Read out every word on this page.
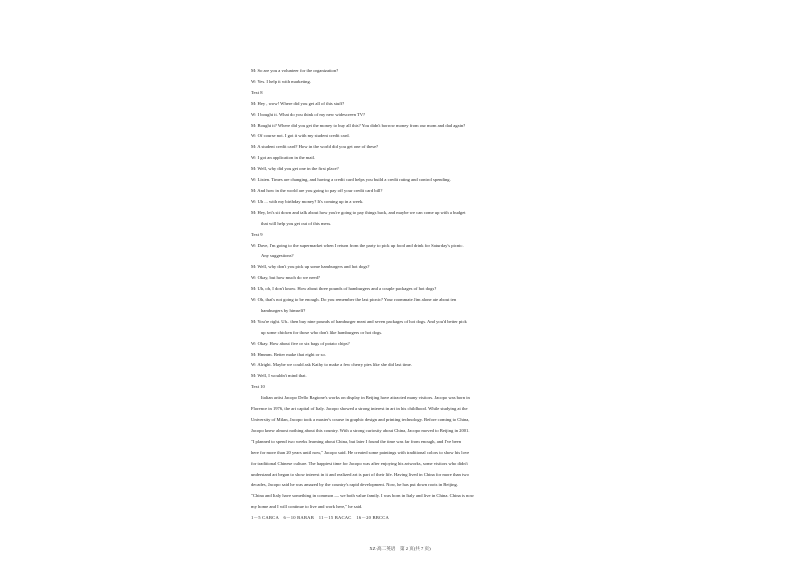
M: So are you a volunteer for the organization?
W: Yes. I help it with marketing.
Text 8
M: Hey , wow! Where did you get all of this stuff?
W: I bought it. What do you think of my new widescreen TV?
M: Bought it? Where did you get the money to buy all this? You didn't borrow money from our mom and dad again?
W: Of course not. I got it with my student credit card.
M: A student credit card? How in the world did you get one of these?
W: I got an application in the mail.
M: Well, why did you get one in the first place?
W: Listen. Times are changing, and having a credit card helps you build a credit rating and control spending.
M: And how in the world are you going to pay off your credit card bill?
W: Uh ... with my birthday money? It's coming up in a week.
M: Hey, let's sit down and talk about how you're going to pay things back, and maybe we can come up with a budget
that will help you get out of this mess.
Text 9
W: Dave, I'm going to the supermarket when I return from the party to pick up food and drink for Saturday's picnic.
Any suggestions?
M: Well, why don't you pick up some hamburgers and hot dogs?
W: Okay, but how much do we need?
M: Uh, oh, I don't know. How about three pounds of hamburgers and a couple packages of hot dogs?
W: Oh, that's not going to be enough. Do you remember the last picnic? Your roommate Jim alone ate about ten
hamburgers by himself?
M: You're right. Uh.. then buy nine pounds of hamburger meat and seven packages of hot dogs. And you'd better pick
up some chicken for those who don't like hamburgers or hot dogs.
W: Okay. How about five or six bags of potato chips?
M: Hmmm. Better make that eight or so.
W: Alright. Maybe we could ask Kathy to make a few cherry pies like she did last time.
M: Well, I wouldn't mind that.
Text 10
Italian artist Jacopo Dello Ragione's works on display in Beijing have attracted many visitors. Jacopo was born in
Florence in 1976, the art capital of Italy. Jacopo showed a strong interest in art in his childhood. While studying at the
University of Milan, Jacopo took a master's course in graphic design and printing technology. Before coming to China,
Jacopo knew almost nothing about this country. With a strong curiosity about China, Jacopo moved to Beijing in 2001.
"I planned to spend two weeks learning about China, but later I found the time was far from enough, and I've been
here for more than 20 years until now," Jacopo said. He created some paintings with traditional colors to show his love
for traditional Chinese culture. The happiest time for Jacopo was after enjoying his artworks, some visitors who didn't
understand art began to show interest in it and realized art is part of their life. Having lived in China for more than two
decades, Jacopo said he was amazed by the country's rapid development. Now, he has put down roots in Beijing.
"China and Italy have something in common — we both value family. I was born in Italy and live in China. China is now
my home and I will continue to live and work here," he said.
1－5 CABCA　6－10 BABAB　11－15 BACAC　16－20 BBCCA
XZ·高二英语　第 2 页(共 7 页)
